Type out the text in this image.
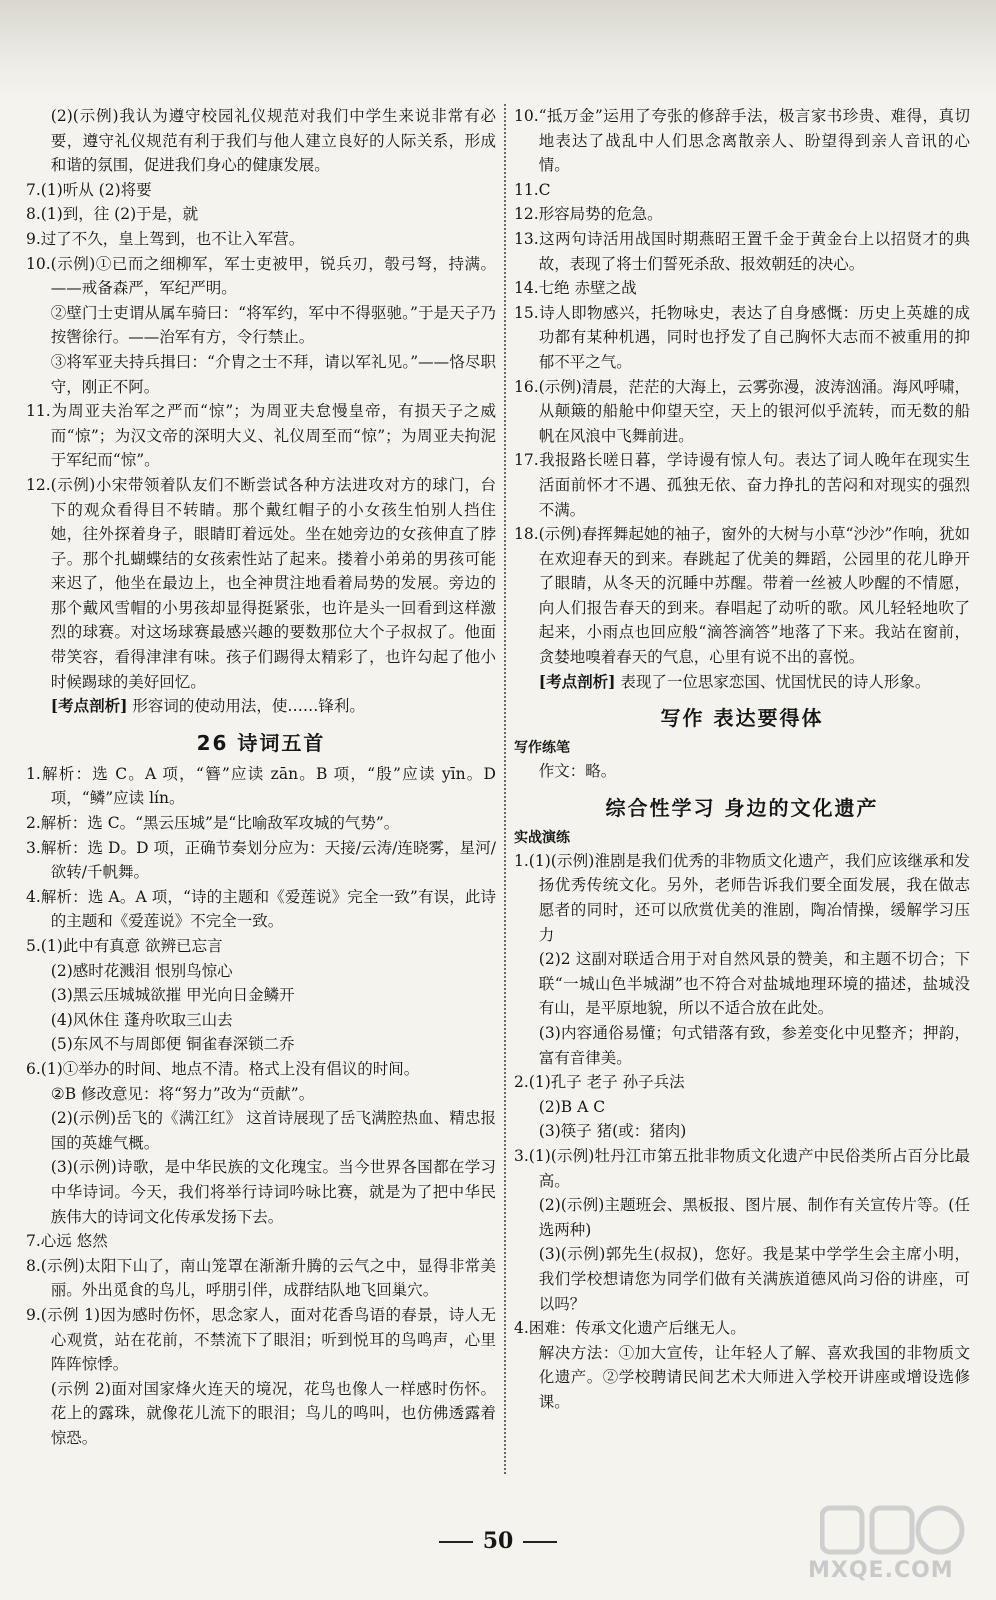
(2)(示例)我认为遵守校园礼仪规范对我们中学生来说非常有必要，遵守礼仪规范有利于我们与他人建立良好的人际关系，形成和谐的氛围，促进我们身心的健康发展。

7.(1)听从 (2)将要

8.(1)到，往 (2)于是，就

9.过了不久，皇上驾到，也不让入军营。

10.(示例)①已而之细柳军，军士吏被甲，锐兵刃，彀弓弩，持满。——戒备森严，军纪严明。

②壁门士吏谓从属车骑曰：“将军约，军中不得驱驰。”于是天子乃按辔徐行。——治军有方，令行禁止。

③将军亚夫持兵揖曰：“介胄之士不拜，请以军礼见。”——恪尽职守，刚正不阿。

11.为周亚夫治军之严而“惊”；为周亚夫怠慢皇帝，有损天子之威而“惊”；为汉文帝的深明大义、礼仪周至而“惊”；为周亚夫拘泥于军纪而“惊”。

12.(示例)小宋带领着队友们不断尝试各种方法进攻对方的球门，台下的观众看得目不转睛。那个戴红帽子的小女孩生怕别人挡住她，往外探着身子，眼睛盯着远处。坐在她旁边的女孩伸直了脖子。那个扎蝴蝶结的女孩索性站了起来。搂着小弟弟的男孩可能来迟了，他坐在最边上，也全神贯注地看着局势的发展。旁边的那个戴风雪帽的小男孩却显得挺紧张，也许是头一回看到这样激烈的球赛。对这场球赛最感兴趣的要数那位大个子叔叔了。他面带笑容，看得津津有味。孩子们踢得太精彩了，也许勾起了他小时候踢球的美好回忆。

[考点剖析] 形容词的使动用法，使……锋利。

26 诗词五首

1.解析：选 C。A 项，“簪”应读 zān。B 项，“殷”应读 yīn。D 项，“鳞”应读 lín。

2.解析：选 C。“黑云压城”是“比喻敌军攻城的气势”。

3.解析：选 D。D 项，正确节奏划分应为：天接/云涛/连晓雾，星河/欲转/千帆舞。

4.解析：选 A。A 项，“诗的主题和《爱莲说》完全一致”有误，此诗的主题和《爱莲说》不完全一致。

5.(1)此中有真意 欲辨已忘言

(2)感时花溅泪 恨别鸟惊心

(3)黑云压城城欲摧 甲光向日金鳞开

(4)风休住 蓬舟吹取三山去

(5)东风不与周郎便 铜雀春深锁二乔

6.(1)①举办的时间、地点不清。格式上没有倡议的时间。

②B 修改意见：将“努力”改为“贡献”。

(2)(示例)岳飞的《满江红》 这首诗展现了岳飞满腔热血、精忠报国的英雄气概。

(3)(示例)诗歌，是中华民族的文化瑰宝。当今世界各国都在学习中华诗词。今天，我们将举行诗词吟咏比赛，就是为了把中华民族伟大的诗词文化传承发扬下去。

7.心远 悠然

8.(示例)太阳下山了，南山笼罩在渐渐升腾的云气之中，显得非常美丽。外出觅食的鸟儿，呼朋引伴，成群结队地飞回巢穴。

9.(示例 1)因为感时伤怀，思念家人，面对花香鸟语的春景，诗人无心观赏，站在花前，不禁流下了眼泪；听到悦耳的鸟鸣声，心里阵阵惊悸。

(示例 2)面对国家烽火连天的境况，花鸟也像人一样感时伤怀。花上的露珠，就像花儿流下的眼泪；鸟儿的鸣叫，也仿佛透露着惊恐。

10.“抵万金”运用了夸张的修辞手法，极言家书珍贵、难得，真切地表达了战乱中人们思念离散亲人、盼望得到亲人音讯的心情。

11.C

12.形容局势的危急。

13.这两句诗活用战国时期燕昭王置千金于黄金台上以招贤才的典故，表现了将士们誓死杀敌、报效朝廷的决心。

14.七绝 赤壁之战

15.诗人即物感兴，托物咏史，表达了自身感慨：历史上英雄的成功都有某种机遇，同时也抒发了自己胸怀大志而不被重用的抑郁不平之气。

16.(示例)清晨，茫茫的大海上，云雾弥漫，波涛汹涌。海风呼啸，从颠簸的船舱中仰望天空，天上的银河似乎流转，而无数的船帆在风浪中飞舞前进。

17.我报路长嗟日暮，学诗谩有惊人句。表达了词人晚年在现实生活面前怀才不遇、孤独无依、奋力挣扎的苦闷和对现实的强烈不满。

18.(示例)春挥舞起她的袖子，窗外的大树与小草“沙沙”作响，犹如在欢迎春天的到来。春跳起了优美的舞蹈，公园里的花儿睁开了眼睛，从冬天的沉睡中苏醒。带着一丝被人吵醒的不情愿，向人们报告春天的到来。春唱起了动听的歌。风儿轻轻地吹了起来，小雨点也回应般“滴答滴答”地落了下来。我站在窗前，贪婪地嗅着春天的气息，心里有说不出的喜悦。

[考点剖析] 表现了一位思家恋国、忧国忧民的诗人形象。

写作 表达要得体
写作练笔

作文：略。

综合性学习 身边的文化遗产
实战演练

1.(1)(示例)淮剧是我们优秀的非物质文化遗产，我们应该继承和发扬优秀传统文化。另外，老师告诉我们要全面发展，我在做志愿者的同时，还可以欣赏优美的淮剧，陶冶情操，缓解学习压力

(2)2 这副对联适合用于对自然风景的赞美，和主题不切合；下联“一城山色半城湖”也不符合对盐城地理环境的描述，盐城没有山，是平原地貌，所以不适合放在此处。

(3)内容通俗易懂；句式错落有致，参差变化中见整齐；押韵，富有音律美。

2.(1)孔子 老子 孙子兵法

(2)B A C

(3)筷子 猪(或：猪肉)

3.(1)(示例)牡丹江市第五批非物质文化遗产中民俗类所占百分比最高。

(2)(示例)主题班会、黑板报、图片展、制作有关宣传片等。(任选两种)

(3)(示例)郭先生(叔叔)，您好。我是某中学学生会主席小明，我们学校想请您为同学们做有关满族道德风尚习俗的讲座，可以吗？

4.困难：传承文化遗产后继无人。

解决方法：①加大宣传，让年轻人了解、喜欢我国的非物质文化遗产。②学校聘请民间艺术大师进入学校开讲座或增设选修课。

50
MXQE.COM
